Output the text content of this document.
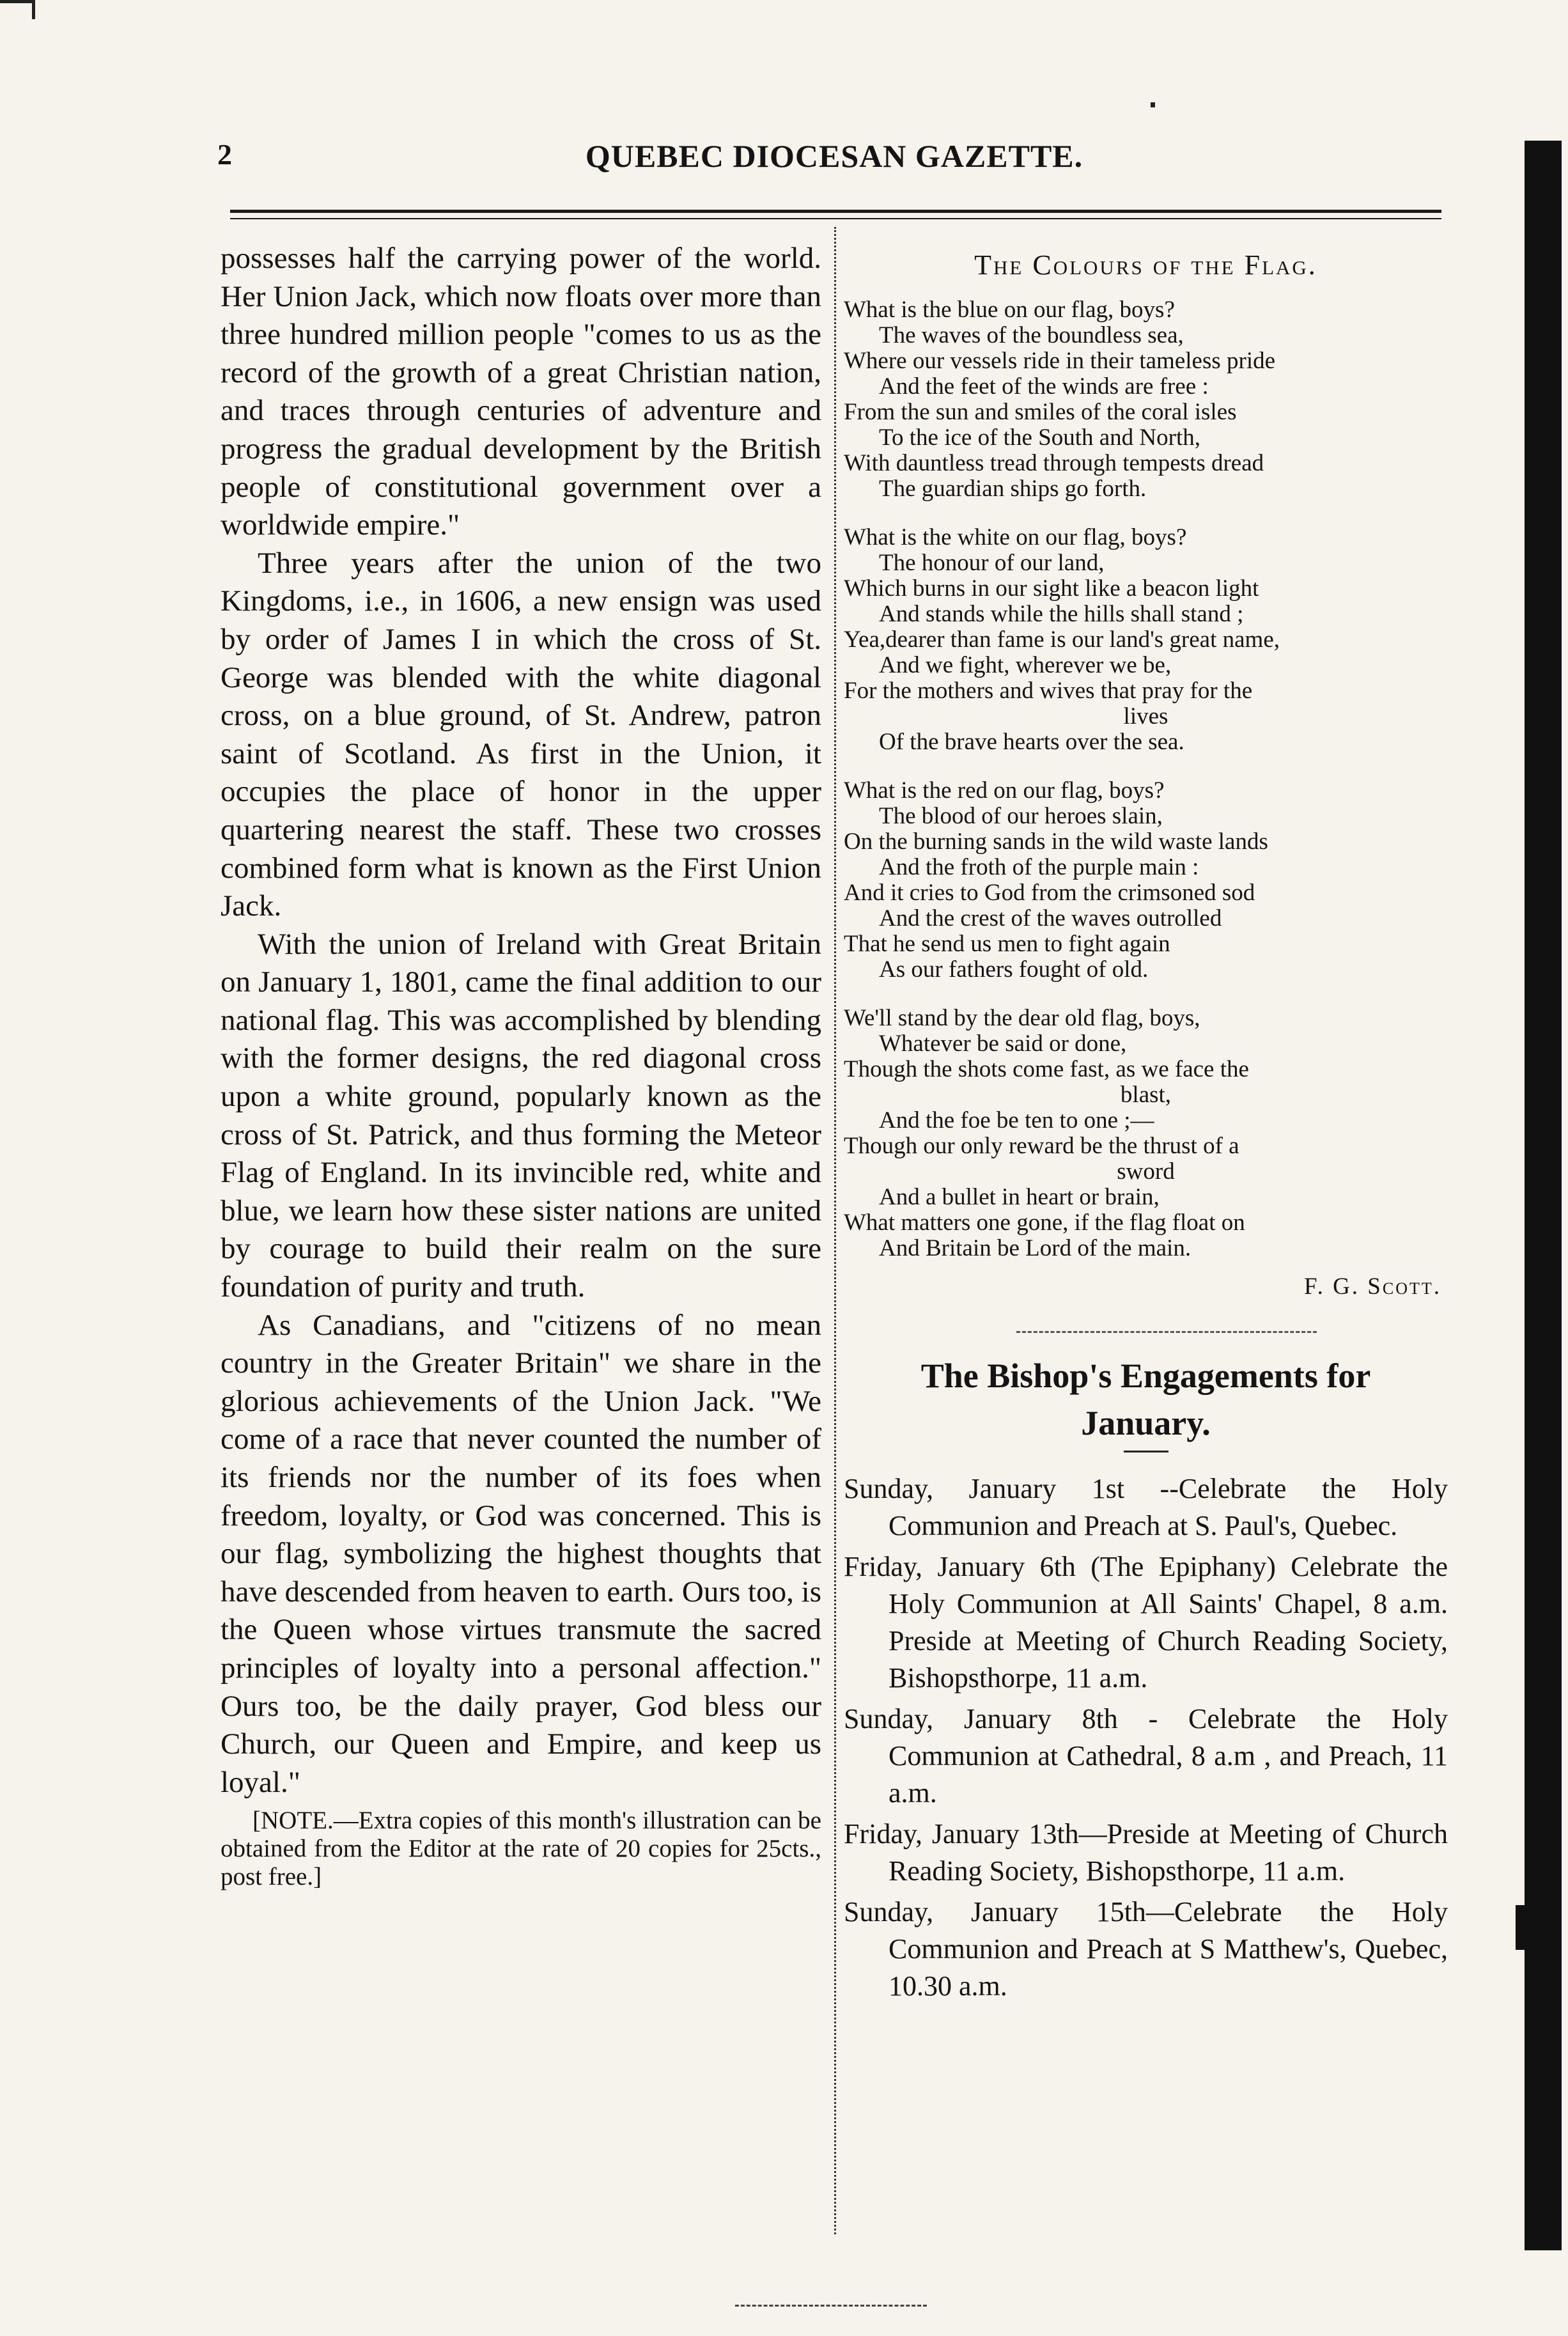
2	QUEBEC DIOCESAN GAZETTE.

possesses half the carrying power of the world. Her Union Jack, which now floats over more than three hundred million people "comes to us as the record of the growth of a great Christian nation, and traces through centuries of adventure and progress the gradual development by the British people of constitutional government over a worldwide empire."

Three years after the union of the two Kingdoms, i.e., in 1606, a new ensign was used by order of James I in which the cross of St. George was blended with the white diagonal cross, on a blue ground, of St. Andrew, patron saint of Scotland. As first in the Union, it occupies the place of honor in the upper quartering nearest the staff. These two crosses combined form what is known as the First Union Jack.

With the union of Ireland with Great Britain on January 1, 1801, came the final addition to our national flag. This was accomplished by blending with the former designs, the red diagonal cross upon a white ground, popularly known as the cross of St. Patrick, and thus forming the Meteor Flag of England. In its invincible red, white and blue, we learn how these sister nations are united by courage to build their realm on the sure foundation of purity and truth.

As Canadians, and "citizens of no mean country in the Greater Britain" we share in the glorious achievements of the Union Jack. "We come of a race that never counted the number of its friends nor the number of its foes when freedom, loyalty, or God was concerned. This is our flag, symbolizing the highest thoughts that have descended from heaven to earth. Ours too, is the Queen whose virtues transmute the sacred principles of loyalty into a personal affection." Ours too, be the daily prayer, God bless our Church, our Queen and Empire, and keep us loyal."

[NOTE.—Extra copies of this month's illustration can be obtained from the Editor at the rate of 20 copies for 25cts., post free.]

The Colours of the Flag.
What is the blue on our flag, boys?
The waves of the boundless sea,
Where our vessels ride in their tameless pride
And the feet of the winds are free :
From the sun and smiles of the coral isles
To the ice of the South and North,
With dauntless tread through tempests dread
The guardian ships go forth.
What is the white on our flag, boys?
The honour of our land,
Which burns in our sight like a beacon light
And stands while the hills shall stand ;
Yea,dearer than fame is our land's great name,
And we fight, wherever we be,
For the mothers and wives that pray for the
lives
Of the brave hearts over the sea.
What is the red on our flag, boys?
The blood of our heroes slain,
On the burning sands in the wild waste lands
And the froth of the purple main :
And it cries to God from the crimsoned sod
And the crest of the waves outrolled
That he send us men to fight again
As our fathers fought of old.
We'll stand by the dear old flag, boys,
Whatever be said or done,
Though the shots come fast, as we face the
blast,
And the foe be ten to one ;—
Though our only reward be the thrust of a
sword
And a bullet in heart or brain,
What matters one gone, if the flag float on
And Britain be Lord of the main.
F. G. Scott.
The Bishop's Engagements for
January.
Sunday, January 1st --Celebrate the Holy Communion and Preach at S. Paul's, Quebec.
Friday, January 6th (The Epiphany) Celebrate the Holy Communion at All Saints' Chapel, 8 a.m. Preside at Meeting of Church Reading Society, Bishopsthorpe, 11 a.m.
Sunday, January 8th - Celebrate the Holy Communion at Cathedral, 8 a.m , and Preach, 11 a.m.
Friday, January 13th—Preside at Meeting of Church Reading Society, Bishopsthorpe, 11 a.m.
Sunday, January 15th—Celebrate the Holy Communion and Preach at S Matthew's, Quebec, 10.30 a.m.
